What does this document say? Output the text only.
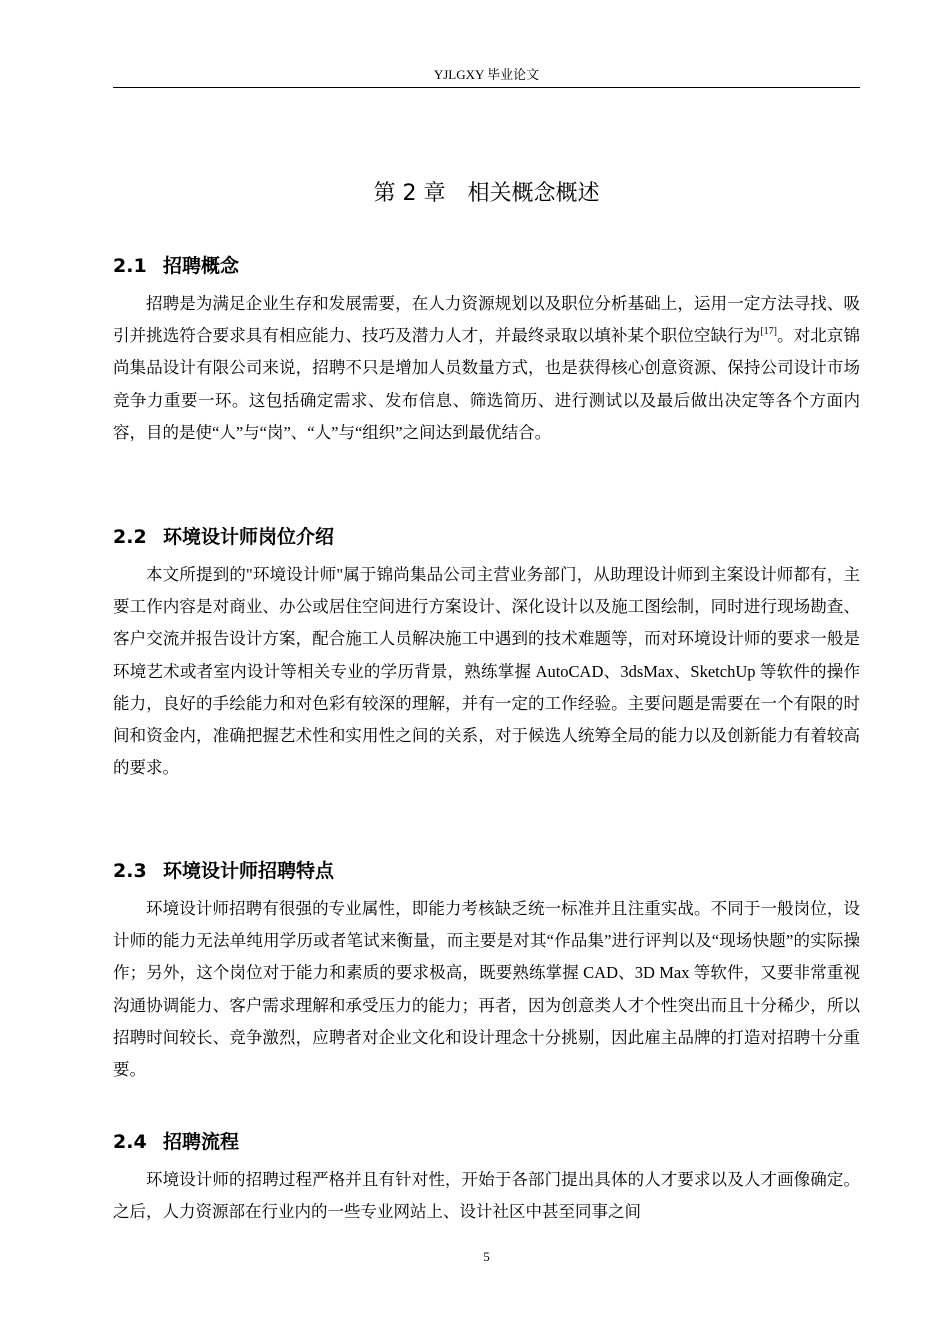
YJLGXY 毕业论文
第 2 章　相关概念概述
2.1 招聘概念

招聘是为满足企业生存和发展需要，在人力资源规划以及职位分析基础上，运用一定方法寻找、吸引并挑选符合要求具有相应能力、技巧及潜力人才，并最终录取以填补某个职位空缺行为[17]。对北京锦尚集品设计有限公司来说，招聘不只是增加人员数量方式，也是获得核心创意资源、保持公司设计市场竞争力重要一环。这包括确定需求、发布信息、筛选简历、进行测试以及最后做出决定等各个方面内容，目的是使“人”与“岗”、“人”与“组织”之间达到最优结合。

2.2 环境设计师岗位介绍

本文所提到的"环境设计师"属于锦尚集品公司主营业务部门，从助理设计师到主案设计师都有，主要工作内容是对商业、办公或居住空间进行方案设计、深化设计以及施工图绘制，同时进行现场勘查、客户交流并报告设计方案，配合施工人员解决施工中遇到的技术难题等，而对环境设计师的要求一般是环境艺术或者室内设计等相关专业的学历背景，熟练掌握 AutoCAD、3dsMax、SketchUp 等软件的操作能力，良好的手绘能力和对色彩有较深的理解，并有一定的工作经验。主要问题是需要在一个有限的时间和资金内，准确把握艺术性和实用性之间的关系，对于候选人统筹全局的能力以及创新能力有着较高的要求。

2.3 环境设计师招聘特点

环境设计师招聘有很强的专业属性，即能力考核缺乏统一标准并且注重实战。不同于一般岗位，设计师的能力无法单纯用学历或者笔试来衡量，而主要是对其“作品集”进行评判以及“现场快题”的实际操作；另外，这个岗位对于能力和素质的要求极高，既要熟练掌握 CAD、3D Max 等软件，又要非常重视沟通协调能力、客户需求理解和承受压力的能力；再者，因为创意类人才个性突出而且十分稀少，所以招聘时间较长、竞争激烈，应聘者对企业文化和设计理念十分挑剔，因此雇主品牌的打造对招聘十分重要。

2.4 招聘流程

环境设计师的招聘过程严格并且有针对性，开始于各部门提出具体的人才要求以及人才画像确定。之后，人力资源部在行业内的一些专业网站上、设计社区中甚至同事之间

5
